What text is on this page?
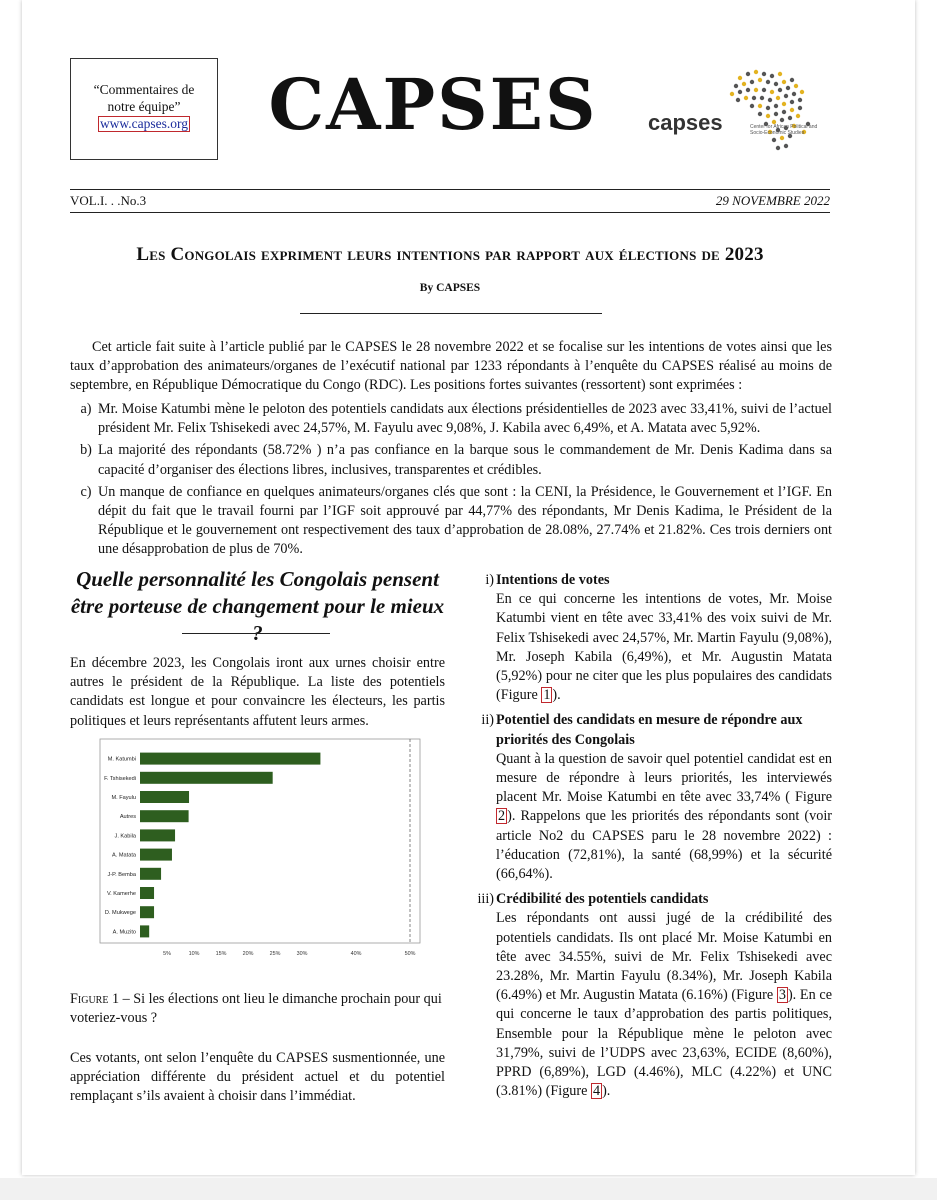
“Commentaires de
notre équipe”
www.capses.org	CAPSES capses	Center for African Political and Socio-Economic Studies
VOL.I. . .No.3	29 NOVEMBRE 2022
Les Congolais expriment leurs intentions par rapport aux élections de 2023
By CAPSES

Cet article fait suite à l’article publié par le CAPSES le 28 novembre 2022 et se focalise sur les intentions de votes ainsi que les taux d’approbation des animateurs/organes de l’exécutif national par 1233 répondants à l’enquête du CAPSES réalisé au moins de septembre, en République Démocratique du Congo (RDC). Les positions fortes suivantes (ressortent) sont exprimées :

a) Mr. Moise Katumbi mène le peloton des potentiels candidats aux élections présidentielles de 2023 avec 33,41%, suivi de l’actuel président Mr. Felix Tshisekedi avec 24,57%, M. Fayulu avec 9,08%, J. Kabila avec 6,49%, et A. Matata avec 5,92%.
b) La majorité des répondants (58.72% ) n’a pas confiance en la barque sous le commandement de Mr. Denis Kadima dans sa capacité d’organiser des élections libres, inclusives, transparentes et crédibles.
c) Un manque de confiance en quelques animateurs/organes clés que sont : la CENI, la Présidence, le Gouvernement et l’IGF. En dépit du fait que le travail fourni par l’IGF soit approuvé par 44,77% des répondants, Mr Denis Kadima, le Président de la République et le gouvernement ont respectivement des taux d’approbation de 28.08%, 27.74% et 21.82%. Ces trois derniers ont une désapprobation de plus de 70%.
Quelle personnalité les Congolais pensent être porteuse de changement pour le mieux ?

En décembre 2023, les Congolais iront aux urnes choisir entre autres le président de la République. La liste des potentiels candidats est longue et pour convaincre les électeurs, les partis politiques et leurs représentants affutent leurs armes.

M. Katumbi
F. Tshisekedi
M. Fayulu
Autres
J. Kabila
A. Matata
J-P. Bemba
V. Kamerhe
D. Mukwege
A. Muzito
5%	10%	15%	20%	25%	30%	40%	50%
Figure 1 – Si les élections ont lieu le dimanche prochain pour qui voteriez-vous ?
Ces votants, ont selon l’enquête du CAPSES susmentionnée, une appréciation différente du président actuel et du potentiel remplaçant s’ils avaient à choisir dans l’immédiat.
i) Intentions de votes

En ce qui concerne les intentions de votes, Mr. Moise Katumbi vient en tête avec 33,41% des voix suivi de Mr. Felix Tshisekedi avec 24,57%, Mr. Martin Fayulu (9,08%), Mr. Joseph Kabila (6,49%), et Mr. Augustin Matata (5,92%) pour ne citer que les plus populaires des candidats (Figure 1 ).

ii) Potentiel des candidats en mesure de répondre aux priorités des Congolais

Quant à la question de savoir quel potentiel candidat est en mesure de répondre à leurs priorités, les interviewés placent Mr. Moise Katumbi en tête avec 33,74% ( Figure 2 ). Rappelons que les priorités des répondants sont (voir article No2 du CAPSES paru le 28 novembre 2022) : l’éducation (72,81%), la santé (68,99%) et la sécurité (66,64%).

iii) Crédibilité des potentiels candidats

Les répondants ont aussi jugé de la crédibilité des potentiels candidats. Ils ont placé Mr. Moise Katumbi en tête avec 34.55%, suivi de Mr. Felix Tshisekedi avec 23.28%, Mr. Martin Fayulu (8.34%), Mr. Joseph Kabila (6.49%) et Mr. Augustin Matata (6.16%) (Figure 3 ). En ce qui concerne le taux d’approbation des partis politiques, Ensemble pour la République mène le peloton avec 31,79%, suivi de l’UDPS avec 23,63%, ECIDE (8,60%), PPRD (6,89%), LGD (4.46%), MLC (4.22%) et UNC (3.81%) (Figure 4 ).
